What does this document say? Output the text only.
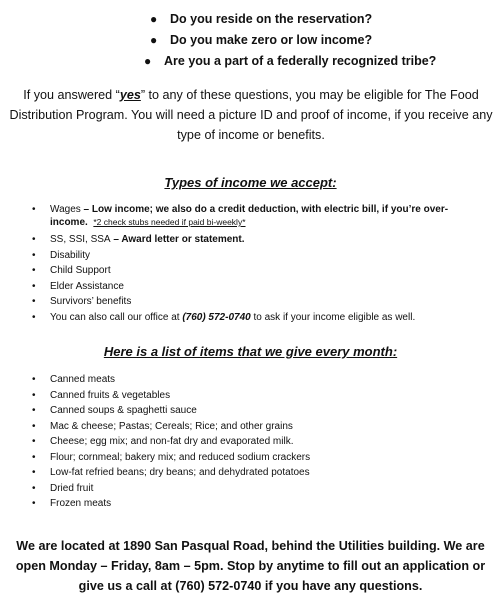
● Do you reside on the reservation?
● Do you make zero or low income?
● Are you a part of a federally recognized tribe?

If you answered “yes” to any of these questions, you may be eligible for The Food Distribution Program. You will need a picture ID and proof of income, if you receive any type of income or benefits.

Types of income we accept:
• Wages – Low income; we also do a credit deduction, with electric bill, if you’re over-income. *2 check stubs needed if paid bi-weekly*
• SS, SSI, SSA – Award letter or statement.
• Disability
• Child Support
• Elder Assistance
• Survivors’ benefits
• You can also call our office at (760) 572-0740 to ask if your income eligible as well.
Here is a list of items that we give every month:
• Canned meats
• Canned fruits & vegetables
• Canned soups & spaghetti sauce
• Mac & cheese; Pastas; Cereals; Rice; and other grains
• Cheese; egg mix; and non-fat dry and evaporated milk.
• Flour; cornmeal; bakery mix; and reduced sodium crackers
• Low-fat refried beans; dry beans; and dehydrated potatoes
• Dried fruit
• Frozen meats

We are located at 1890 San Pasqual Road, behind the Utilities building. We are open Monday – Friday, 8am – 5pm. Stop by anytime to fill out an application or give us a call at (760) 572-0740 if you have any questions.
